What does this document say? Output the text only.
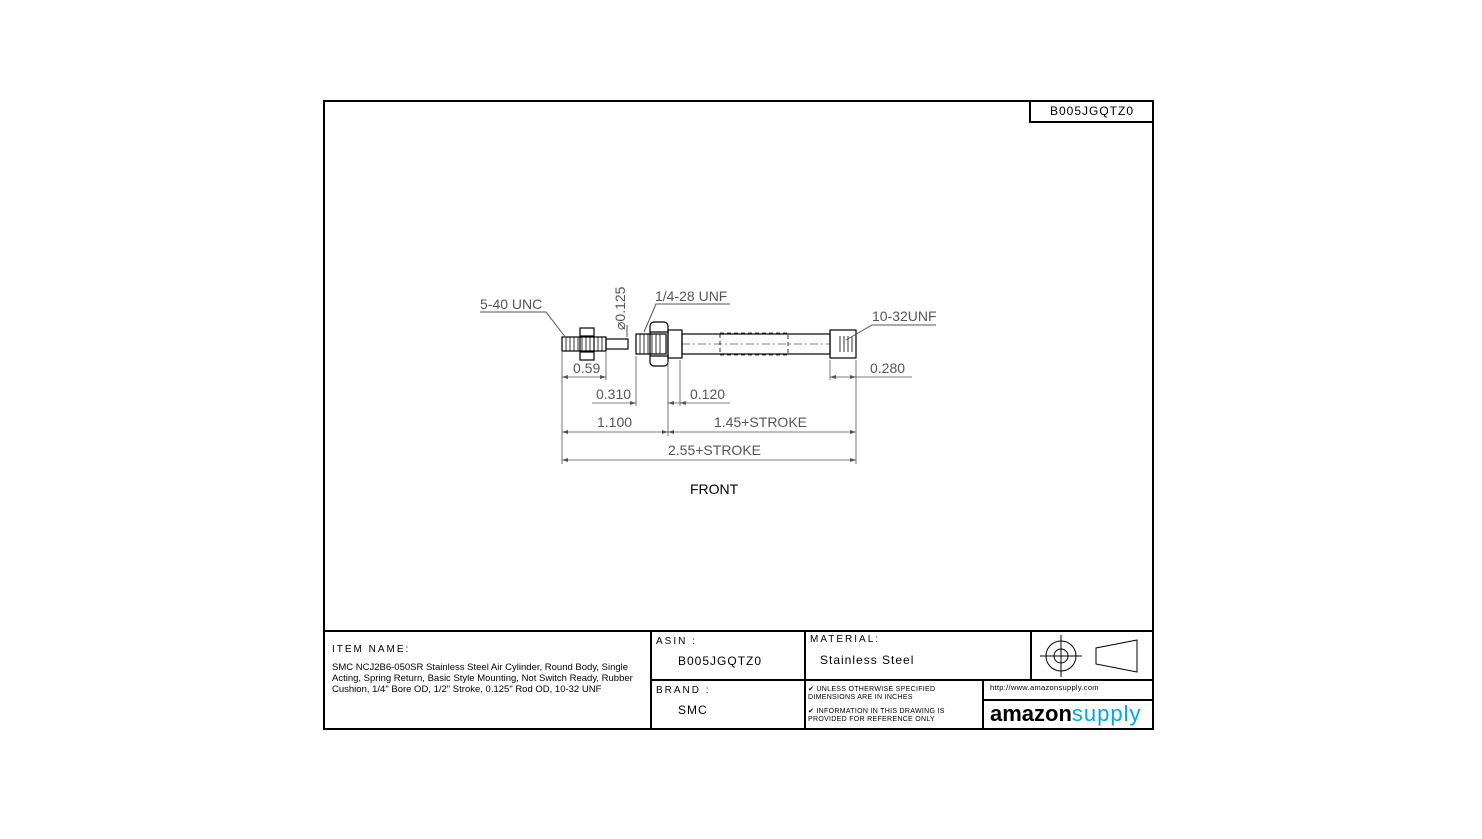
B005JGQTZ0
5-40 UNC	⌀0.125 1/4-28 UNF
10-32UNF
0.59
0.310	0.120
0.280
1.100	1.45+STROKE
2.55+STROKE
FRONT
ITEM NAME:
SMC NCJ2B6-050SR Stainless Steel Air Cylinder, Round Body, Single Acting, Spring Return, Basic Style Mounting, Not Switch Ready, Rubber Cushion, 1/4" Bore OD, 1/2" Stroke, 0.125" Rod OD, 10-32 UNF
ASIN :
B005JGQTZ0
BRAND :
SMC
MATERIAL:
Stainless Steel
✔ UNLESS OTHERWISE SPECIFIED DIMENSIONS ARE IN INCHES
✔ INFORMATION IN THIS DRAWING IS PROVIDED FOR REFERENCE ONLY
http://www.amazonsupply.com
amazonsupply
